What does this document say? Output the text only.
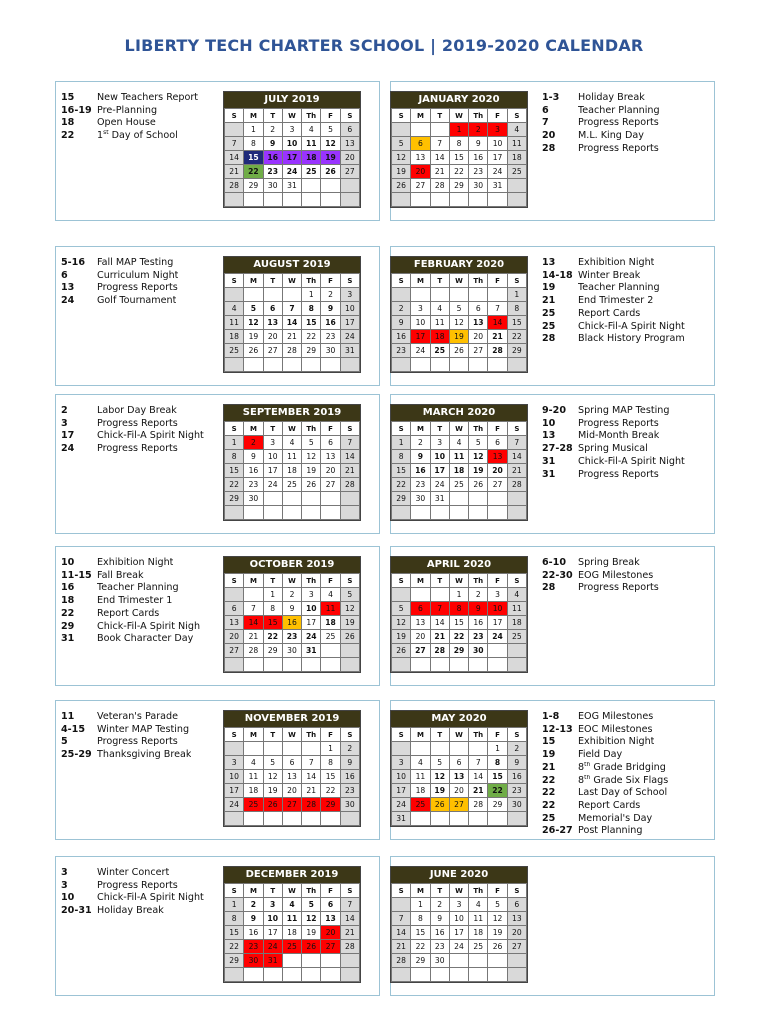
LIBERTY TECH CHARTER SCHOOL | 2019-2020 CALENDAR
15	New Teachers Report
16-19 Pre-Planning
18	Open House
22	1st Day of School
JULY 2019
S	M	T	W	Th	F	S
	1	2	3	4	5	6
7	8	9	10	11	12	13
14	15	16	17	18	19	20
21	22	23	24	25	26	27
28	29	30	31			

5-16	Fall MAP Testing
6	Curriculum Night
13	Progress Reports
24	Golf Tournament
AUGUST 2019
S	M	T	W	Th	F	S
				1	2	3
4	5	6	7	8	9	10
11	12	13	14	15	16	17
18	19	20	21	22	23	24
25	26	27	28	29	30	31

2	Labor Day Break
3	Progress Reports
17	Chick-Fil-A Spirit Night
24	Progress Reports
SEPTEMBER 2019
S	M	T	W	Th	F	S
1	2	3	4	5	6	7
8	9	10	11	12	13	14
15	16	17	18	19	20	21
22	23	24	25	26	27	28
29	30					

10	Exhibition Night
11-15 Fall Break
16	Teacher Planning
18	End Trimester 1
22	Report Cards
29	Chick-Fil-A Spirit Nigh
31	Book Character Day
OCTOBER 2019
S	M	T	W	Th	F	S
		1	2	3	4	5
6	7	8	9	10	11	12
13	14	15	16	17	18	19
20	21	22	23	24	25	26
27	28	29	30	31		

11	Veteran's Parade
4-15	Winter MAP Testing
5	Progress Reports
25-29 Thanksgiving Break
NOVEMBER 2019
S	M	T	W	Th	F	S
					1	2
3	4	5	6	7	8	9
10	11	12	13	14	15	16
17	18	19	20	21	22	23
24	25	26	27	28	29	30

3	Winter Concert
3	Progress Reports
10	Chick-Fil-A Spirit Night
20-31 Holiday Break
DECEMBER 2019
S	M	T	W	Th	F	S
1	2	3	4	5	6	7
8	9	10	11	12	13	14
15	16	17	18	19	20	21
22	23	24	25	26	27	28
29	30	31				

1-3	Holiday Break
6	Teacher Planning
7	Progress Reports
20	M.L. King Day
28	Progress Reports
JANUARY 2020
S	M	T	W	Th	F	S
			1	2	3	4
5	6	7	8	9	10	11
12	13	14	15	16	17	18
19	20	21	22	23	24	25
26	27	28	29	30	31	

13	Exhibition Night
14-18 Winter Break
19	Teacher Planning
21	End Trimester 2
25	Report Cards
25	Chick-Fil-A Spirit Night
28	Black History Program
FEBRUARY 2020
S	M	T	W	Th	F	S
						1
2	3	4	5	6	7	8
9	10	11	12	13	14	15
16	17	18	19	20	21	22
23	24	25	26	27	28	29

9-20	Spring MAP Testing
10	Progress Reports
13	Mid-Month Break
27-28 Spring Musical
31	Chick-Fil-A Spirit Night
31	Progress Reports
MARCH 2020
S	M	T	W	Th	F	S
1	2	3	4	5	6	7
8	9	10	11	12	13	14
15	16	17	18	19	20	21
22	23	24	25	26	27	28
29	30	31				

6-10	Spring Break
22-30 EOG Milestones
28	Progress Reports
APRIL 2020
S	M	T	W	Th	F	S
			1	2	3	4
5	6	7	8	9	10	11
12	13	14	15	16	17	18
19	20	21	22	23	24	25
26	27	28	29	30		

1-8	EOG Milestones
12-13 EOC Milestones
15	Exhibition Night
19	Field Day
21	8th Grade Bridging
22	8th Grade Six Flags
22	Last Day of School
22	Report Cards
25	Memorial's Day
26-27 Post Planning
MAY 2020
S	M	T	W	Th	F	S
					1	2
3	4	5	6	7	8	9
10	11	12	13	14	15	16
17	18	19	20	21	22	23
24	25	26	27	28	29	30
31						
JUNE 2020
S	M	T	W	Th	F	S
	1	2	3	4	5	6
7	8	9	10	11	12	13
14	15	16	17	18	19	20
21	22	23	24	25	26	27
28	29	30				
